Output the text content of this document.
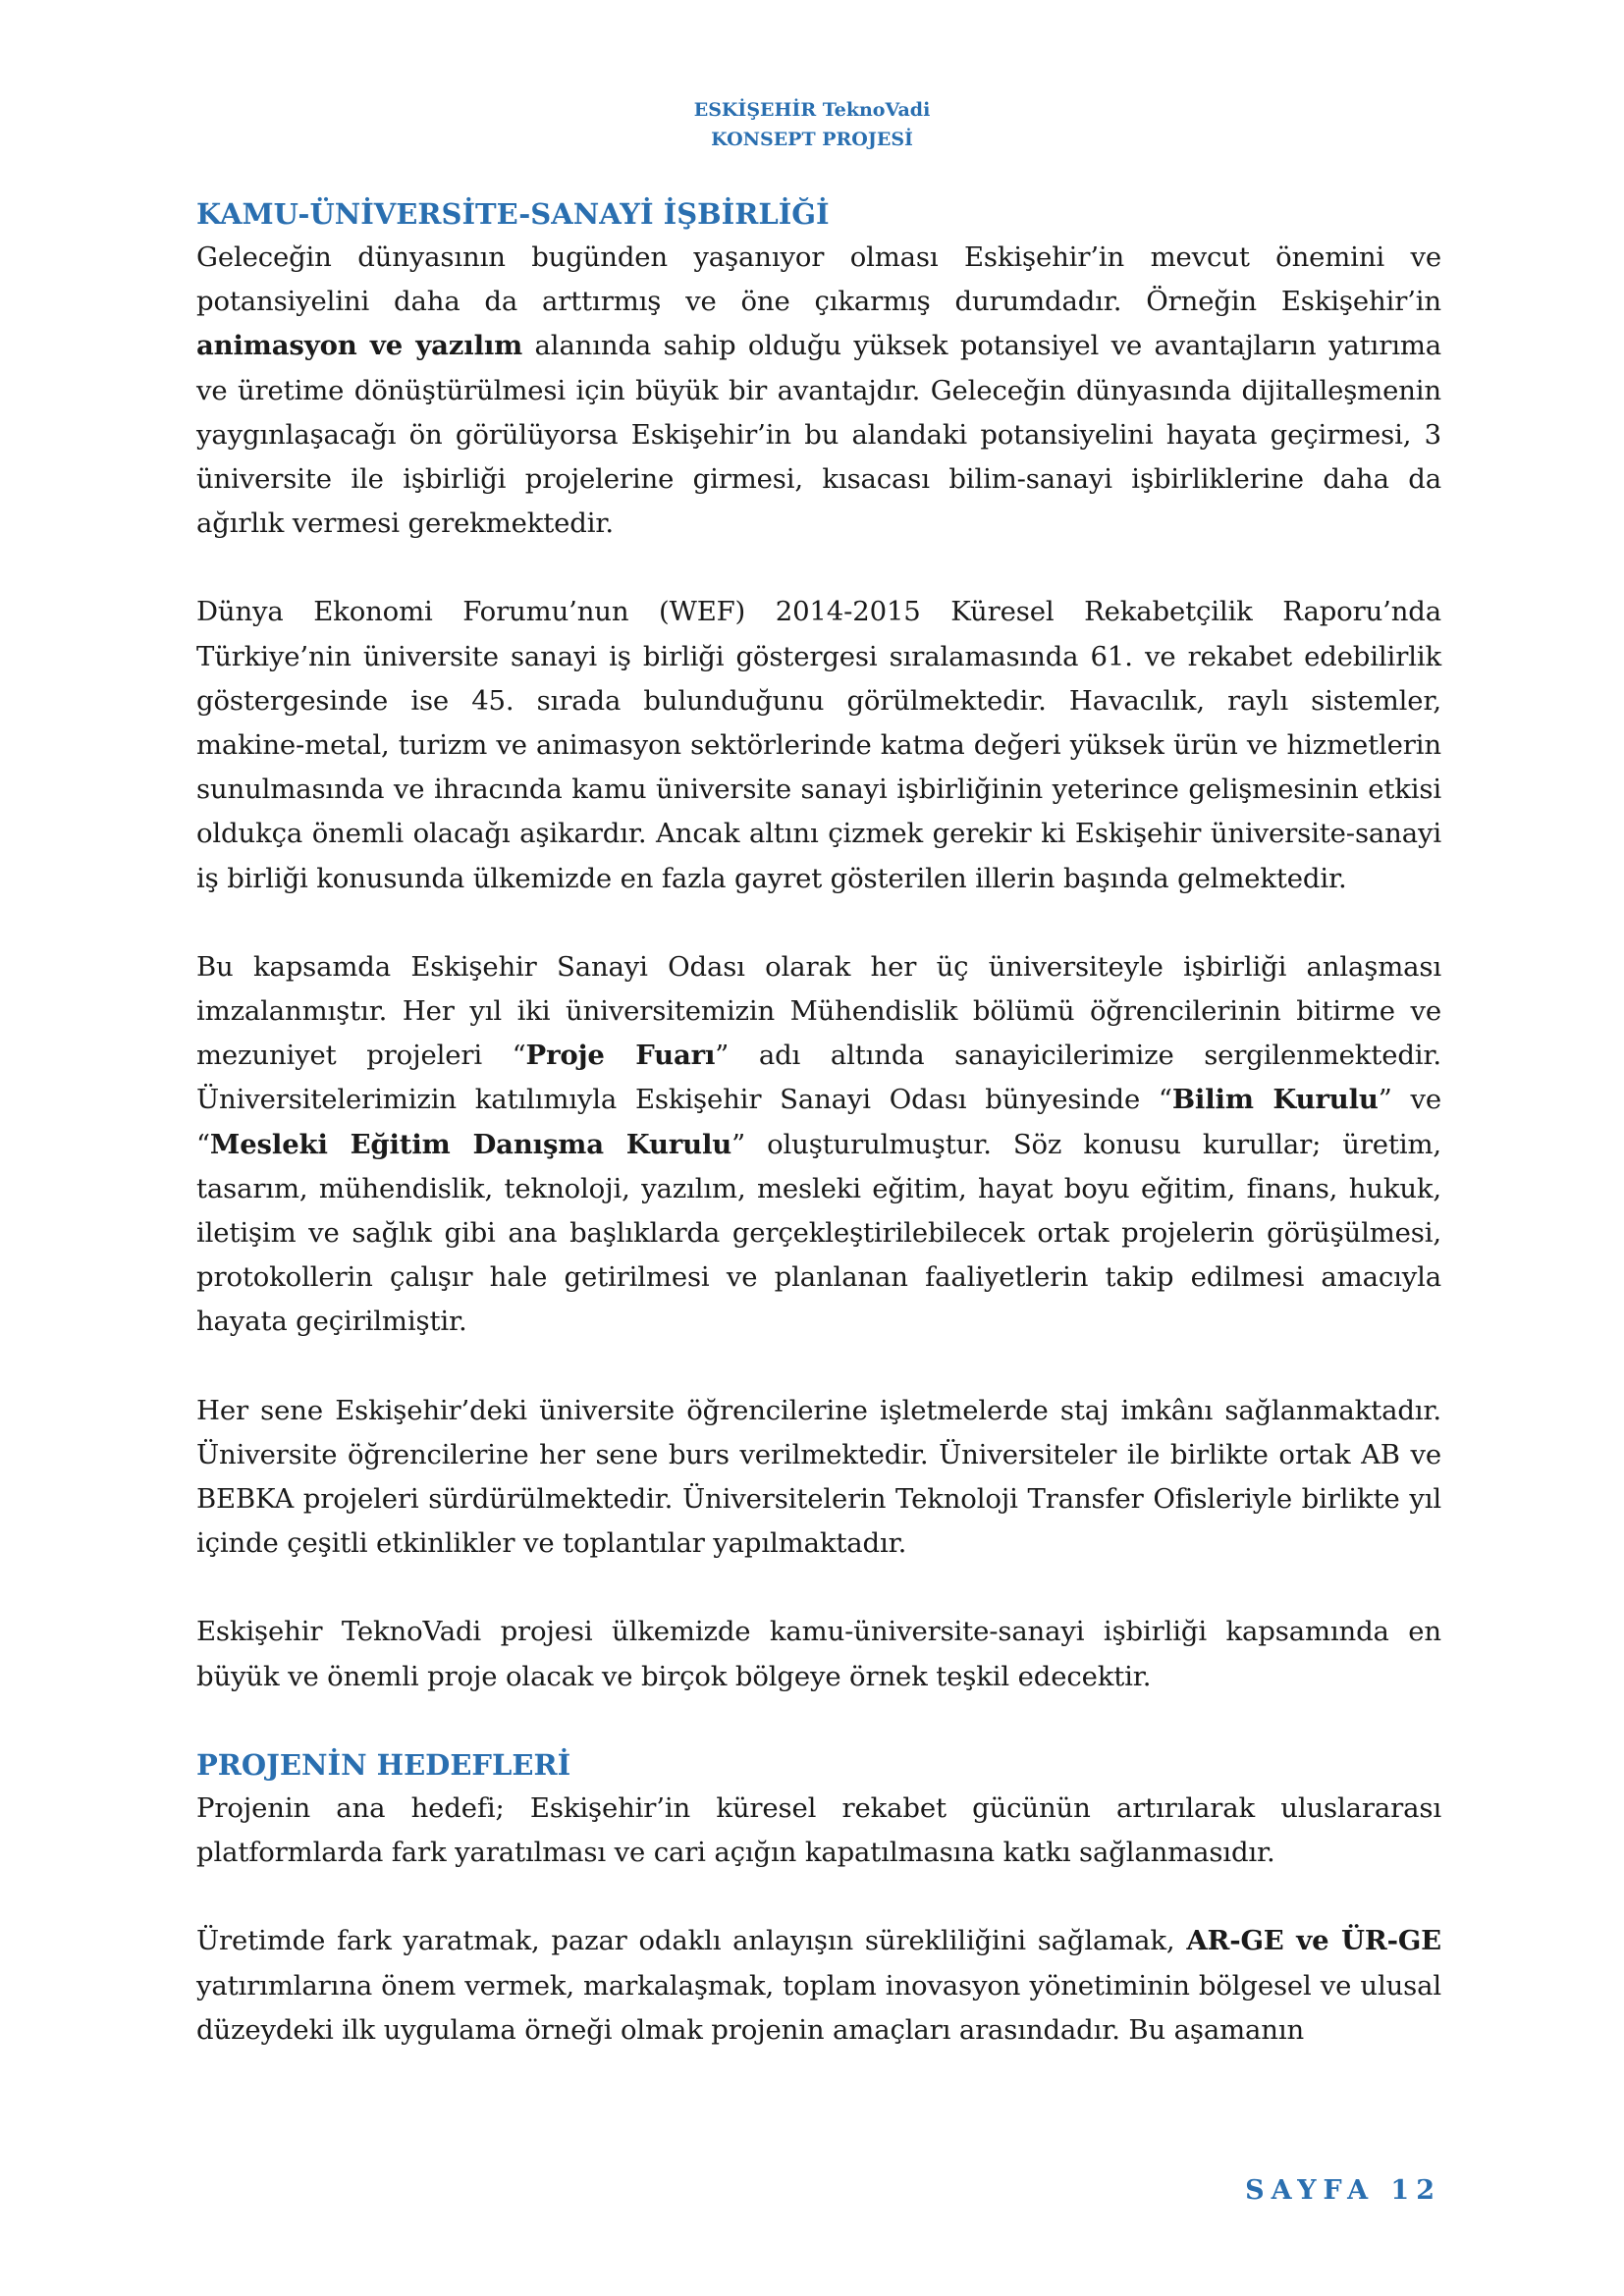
ESKİŞEHİR TeknoVadi
KONSEPT PROJESİ
KAMU-ÜNİVERSİTE-SANAYİ İŞBİRLİĞİ

Geleceğin dünyasının bugünden yaşanıyor olması Eskişehir’in mevcut önemini ve potansiyelini daha da arttırmış ve öne çıkarmış durumdadır. Örneğin Eskişehir’in animasyon ve yazılım alanında sahip olduğu yüksek potansiyel ve avantajların yatırıma ve üretime dönüştürülmesi için büyük bir avantajdır. Geleceğin dünyasında dijitalleşmenin yaygınlaşacağı ön görülüyorsa Eskişehir’in bu alandaki potansiyelini hayata geçirmesi, 3 üniversite ile işbirliği projelerine girmesi, kısacası bilim-sanayi işbirliklerine daha da ağırlık vermesi gerekmektedir.

Dünya Ekonomi Forumu’nun (WEF) 2014-2015 Küresel Rekabetçilik Raporu’nda Türkiye’nin üniversite sanayi iş birliği göstergesi sıralamasında 61. ve rekabet edebilirlik göstergesinde ise 45. sırada bulunduğunu görülmektedir. Havacılık, raylı sistemler, makine-metal, turizm ve animasyon sektörlerinde katma değeri yüksek ürün ve hizmetlerin sunulmasında ve ihracında kamu üniversite sanayi işbirliğinin yeterince gelişmesinin etkisi oldukça önemli olacağı aşikardır. Ancak altını çizmek gerekir ki Eskişehir üniversite-sanayi iş birliği konusunda ülkemizde en fazla gayret gösterilen illerin başında gelmektedir.

Bu kapsamda Eskişehir Sanayi Odası olarak her üç üniversiteyle işbirliği anlaşması imzalanmıştır. Her yıl iki üniversitemizin Mühendislik bölümü öğrencilerinin bitirme ve mezuniyet projeleri “Proje Fuarı” adı altında sanayicilerimize sergilenmektedir. Üniversitelerimizin katılımıyla Eskişehir Sanayi Odası bünyesinde “Bilim Kurulu” ve “Mesleki Eğitim Danışma Kurulu” oluşturulmuştur. Söz konusu kurullar; üretim, tasarım, mühendislik, teknoloji, yazılım, mesleki eğitim, hayat boyu eğitim, finans, hukuk, iletişim ve sağlık gibi ana başlıklarda gerçekleştirilebilecek ortak projelerin görüşülmesi, protokollerin çalışır hale getirilmesi ve planlanan faaliyetlerin takip edilmesi amacıyla hayata geçirilmiştir.

Her sene Eskişehir’deki üniversite öğrencilerine işletmelerde staj imkânı sağlanmaktadır. Üniversite öğrencilerine her sene burs verilmektedir. Üniversiteler ile birlikte ortak AB ve BEBKA projeleri sürdürülmektedir. Üniversitelerin Teknoloji Transfer Ofisleriyle birlikte yıl içinde çeşitli etkinlikler ve toplantılar yapılmaktadır.

Eskişehir TeknoVadi projesi ülkemizde kamu-üniversite-sanayi işbirliği kapsamında en büyük ve önemli proje olacak ve birçok bölgeye örnek teşkil edecektir.

PROJENİN HEDEFLERİ

Projenin ana hedefi; Eskişehir’in küresel rekabet gücünün artırılarak uluslararası platformlarda fark yaratılması ve cari açığın kapatılmasına katkı sağlanmasıdır.

Üretimde fark yaratmak, pazar odaklı anlayışın sürekliliğini sağlamak, AR-GE ve ÜR-GE yatırımlarına önem vermek, markalaşmak, toplam inovasyon yönetiminin bölgesel ve ulusal düzeydeki ilk uygulama örneği olmak projenin amaçları arasındadır. Bu aşamanın

SAYFA 12
